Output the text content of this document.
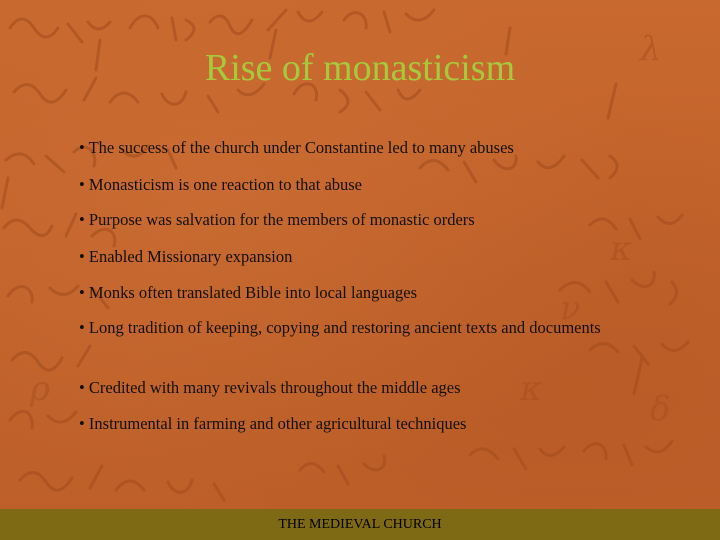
λ
κ	δ
ν
κ
ρ
Rise of monasticism
• The success of the church under Constantine led to many abuses
• Monasticism is one reaction to that abuse
• Purpose was salvation for the members of monastic orders
• Enabled Missionary expansion
• Monks often translated Bible into local languages
• Long tradition of keeping, copying and restoring ancient texts and documents
• Credited with many revivals throughout the middle ages
• Instrumental in farming and other agricultural techniques
THE MEDIEVAL CHURCH
